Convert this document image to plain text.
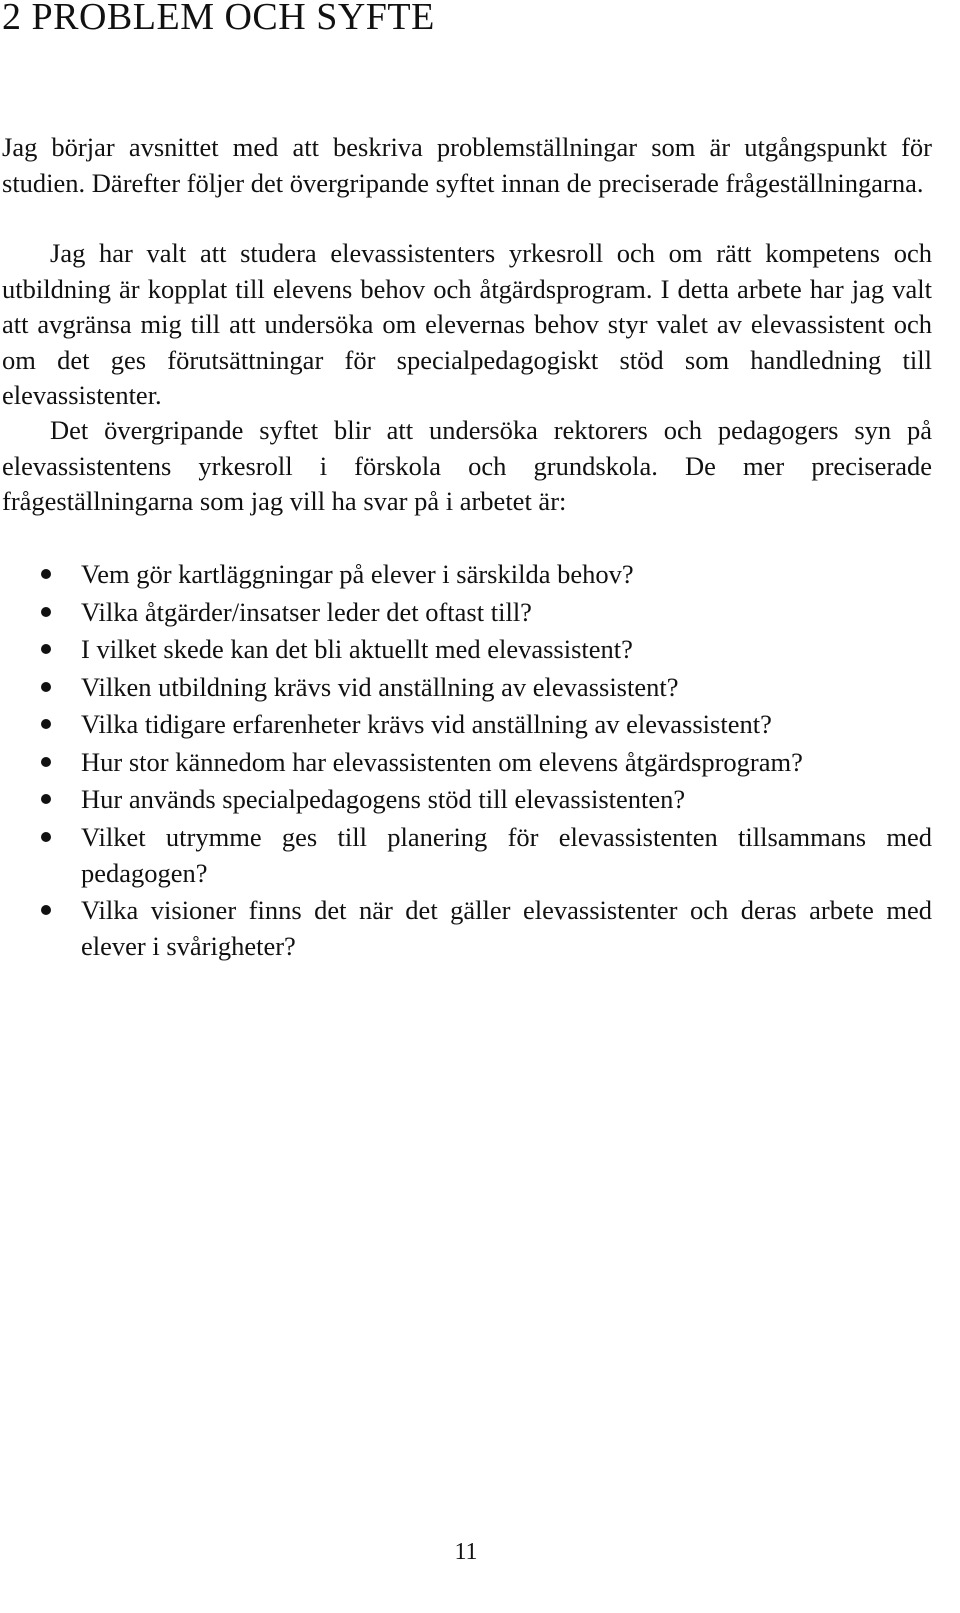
2 PROBLEM OCH SYFTE

Jag börjar avsnittet med att beskriva problemställningar som är utgångspunkt för studien. Därefter följer det övergripande syftet innan de preciserade frågeställningarna.

Jag har valt att studera elevassistenters yrkesroll och om rätt kompetens och utbildning är kopplat till elevens behov och åtgärdsprogram. I detta arbete har jag valt att avgränsa mig till att undersöka om elevernas behov styr valet av elevassistent och om det ges förutsättningar för specialpedagogiskt stöd som handledning till elevassistenter.

Det övergripande syftet blir att undersöka rektorers och pedagogers syn på elevassistentens yrkesroll i förskola och grundskola. De mer preciserade frågeställningarna som jag vill ha svar på i arbetet är:

Vem gör kartläggningar på elever i särskilda behov?
Vilka åtgärder/insatser leder det oftast till?
I vilket skede kan det bli aktuellt med elevassistent?
Vilken utbildning krävs vid anställning av elevassistent?
Vilka tidigare erfarenheter krävs vid anställning av elevassistent?
Hur stor kännedom har elevassistenten om elevens åtgärdsprogram?
Hur används specialpedagogens stöd till elevassistenten?
Vilket utrymme ges till planering för elevassistenten tillsammans med pedagogen?
Vilka visioner finns det när det gäller elevassistenter och deras arbete med elever i svårigheter?
11
